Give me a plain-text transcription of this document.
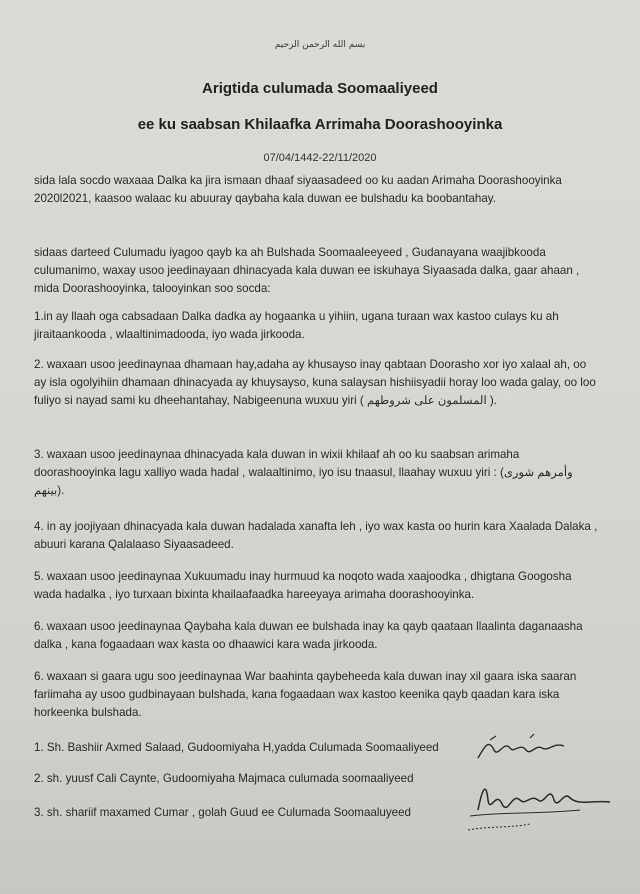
بسم الله الرحمن الرحيم
Arigtida culumada Soomaaliyeed
ee ku saabsan Khilaafka Arrimaha Doorashooyinka
07/04/1442-22/11/2020
sida lala socdo waxaaa Dalka ka jira ismaan dhaaf siyaasadeed oo ku aadan Arimaha Doorashooyinka 2020l2021, kaasoo walaac ku abuuray qaybaha kala duwan ee bulshadu ka boobantahay.
sidaas darteed Culumadu iyagoo qayb ka ah Bulshada Soomaaleeyeed , Gudanayana waajibkooda culumanimo, waxay usoo jeedinayaan dhinacyada kala duwan ee iskuhaya Siyaasada dalka, gaar ahaan , mida Doorashooyinka, talooyinkan soo socda:
1.in ay llaah oga cabsadaan Dalka dadka ay hogaanka u yihiin, ugana turaan wax kastoo culays ku ah jiraitaankooda , wlaaltinimadooda, iyo wada jirkooda.
2. waxaan usoo jeedinaynaa dhamaan hay,adaha ay khusayso inay qabtaan Doorasho xor iyo xalaal ah, oo ay isla ogolyihiin dhamaan dhinacyada ay khuysayso, kuna salaysan hishiisyadii horay loo wada galay, oo loo fuliyo si nayad sami ku dheehantahay, Nabigeenuna wuxuu yiri ( المسلمون على شروطهم ).
3. waxaan usoo jeedinaynaa dhinacyada kala duwan in wixii khilaaf ah oo ku saabsan arimaha doorashooyinka lagu xalliyo wada hadal , walaaltinimo, iyo isu tnaasul, llaahay wuxuu yiri : (وأمرهم شورى بينهم).
4. in ay joojiyaan dhinacyada kala duwan hadalada xanafta leh , iyo wax kasta oo hurin kara Xaalada Dalaka , abuuri karana Qalalaaso Siyaasadeed.
5. waxaan usoo jeedinaynaa Xukuumadu inay hurmuud ka noqoto wada xaajoodka , dhigtana Googosha wada hadalka , iyo turxaan bixinta khailaafaadka hareeyaya arimaha doorashooyinka.
6. waxaan usoo jeedinaynaa Qaybaha kala duwan ee bulshada inay ka qayb qaataan llaalinta daganaasha dalka , kana fogaadaan wax kasta oo dhaawici kara wada jirkooda.
6. waxaan si gaara ugu soo jeedinaynaa War baahinta qaybeheeda kala duwan inay xil gaara iska saaran fariimaha ay usoo gudbinayaan bulshada, kana fogaadaan wax kastoo keenika qayb qaadan kara iska horkeenka bulshada.
1. Sh. Bashiir Axmed Salaad, Gudoomiyaha H,yadda Culumada Soomaaliyeed
2. sh. yuusf Cali Caynte, Gudoomiyaha Majmaca culumada soomaaliyeed
3. sh. shariif maxamed Cumar , golah Guud ee Culumada Soomaaluyeed
